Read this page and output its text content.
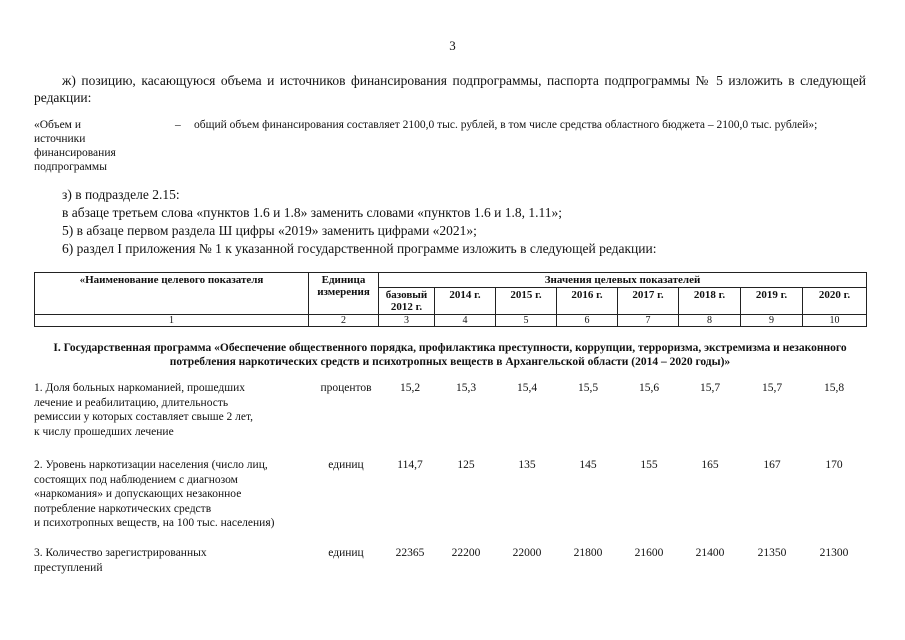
3

ж) позицию, касающуюся объема и источников финансирования подпрограммы, паспорта подпрограммы № 5 изложить в следующей редакции:

«Объем и источники финансирования подпрограммы
– общий объем финансирования составляет 2100,0 тыс. рублей, в том числе средства областного бюджета – 2100,0 тыс. рублей»;

з) в подразделе 2.15:

в абзаце третьем слова «пунктов 1.6 и 1.8» заменить словами «пунктов 1.6 и 1.8, 1.11»;

5) в абзаце первом раздела Ш цифры «2019» заменить цифрами «2021»;

6) раздел I приложения № 1 к указанной государственной программе изложить в следующей редакции:

«Наименование целевого показателя	Единица измерения	Значения целевых показателей							
		базовый 2012 г.	2014 г.	2015 г.	2016 г.	2017 г.	2018 г.	2019 г.	2020 г.
1	2	3	4	5	6	7	8	9	10
I. Государственная программа «Обеспечение общественного порядка, профилактика преступности, коррупции, терроризма, экстремизма и незаконного потребления наркотических средств и психотропных веществ в Архангельской области (2014 – 2020 годы)»
1. Доля больных наркоманией, прошедших
лечение и реабилитацию, длительность
ремиссии у которых составляет свыше 2 лет,
к числу прошедших лечение
процентов	15,2	15,3	15,4	15,5	15,6	15,7	15,7	15,8
2. Уровень наркотизации населения (число лиц,
состоящих под наблюдением с диагнозом
«наркомания» и допускающих незаконное
потребление наркотических средств
и психотропных веществ, на 100 тыс. населения)
единиц	114,7	125	135	145	155	165	167	170
3. Количество зарегистрированных
преступлений
единиц	22365	22200	22000	21800	21600	21400	21350	21300
